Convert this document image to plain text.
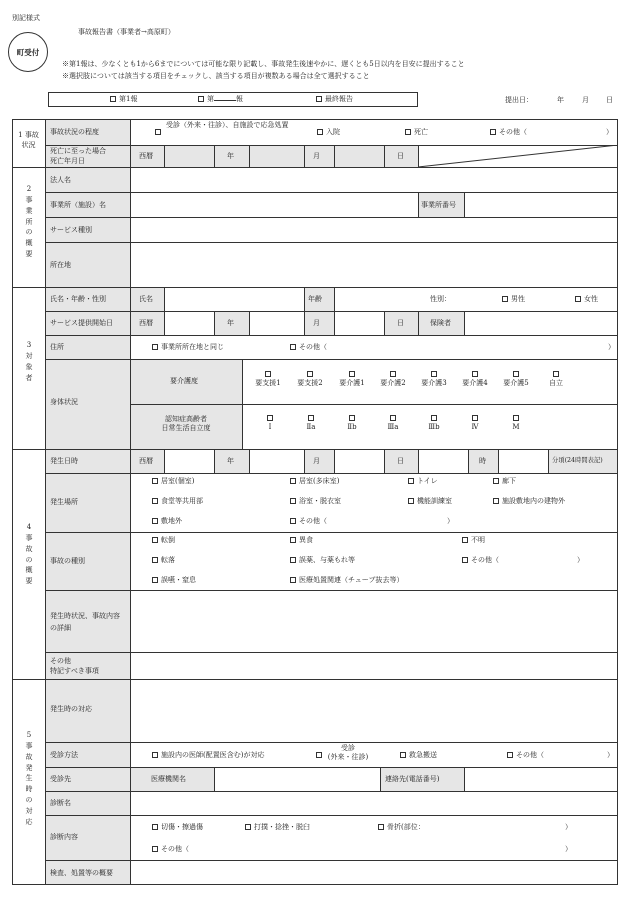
別記様式
事故報告書（事業者→高原町）
町受付
※第1報は、少なくとも1から6までについては可能な限り記載し、事故発生後速やかに、遅くとも5日以内を目安に提出すること
※選択肢については該当する項目をチェックし、該当する項目が複数ある場合は全て選択すること
第1報	第	報	最終報告	提出日：	年	月 日
1 事故
状況
2事業所の概要
3対象者
4事故の概要
5事故発生時の対応
事故状況の程度
受診（外来・往診）、自施設で応急処置
入院	死亡	その他（	）
死亡に至った場合
死亡年月日
西暦	年	月	日
法人名
事業所（施設）名	事業所番号
サービス種別
所在地
氏名・年齢・性別	氏名	年齢	性別：	男性	女性
サービス提供開始日	西暦	年	月	日	保険者
住所	事業所所在地と同じ	その他（	）
身体状況
要介護度	要支援1	要支援2	要介護1	要介護2	要介護3	要介護4	要介護5	自立
認知症高齢者
日常生活自立度	Ⅰ	Ⅱa	Ⅱb	Ⅲa	Ⅲb	Ⅳ	M
発生日時	西暦	年	月	日	時	分頃(24時間表記)
発生場所
居室(個室)	居室(多床室)	トイレ	廊下
食堂等共用部	浴室・脱衣室	機能訓練室	施設敷地内の建物外
敷地外	その他（	）
事故の種別
転倒	異食	不明
転落	誤薬、与薬もれ等	その他（	）
誤嚥・窒息	医療処置関連（チューブ抜去等）
発生時状況、事故内容
の詳細
その他
特記すべき事項
発生時の対応
受診方法	施設内の医師(配置医含む)が対応
受診
(外来・往診)	救急搬送	その他（	）
受診先	医療機関名	連絡先(電話番号)
診断名
診断内容
切傷・擦過傷	打撲・捻挫・脱臼	骨折(部位：	）
その他（	）
検査、処置等の概要
